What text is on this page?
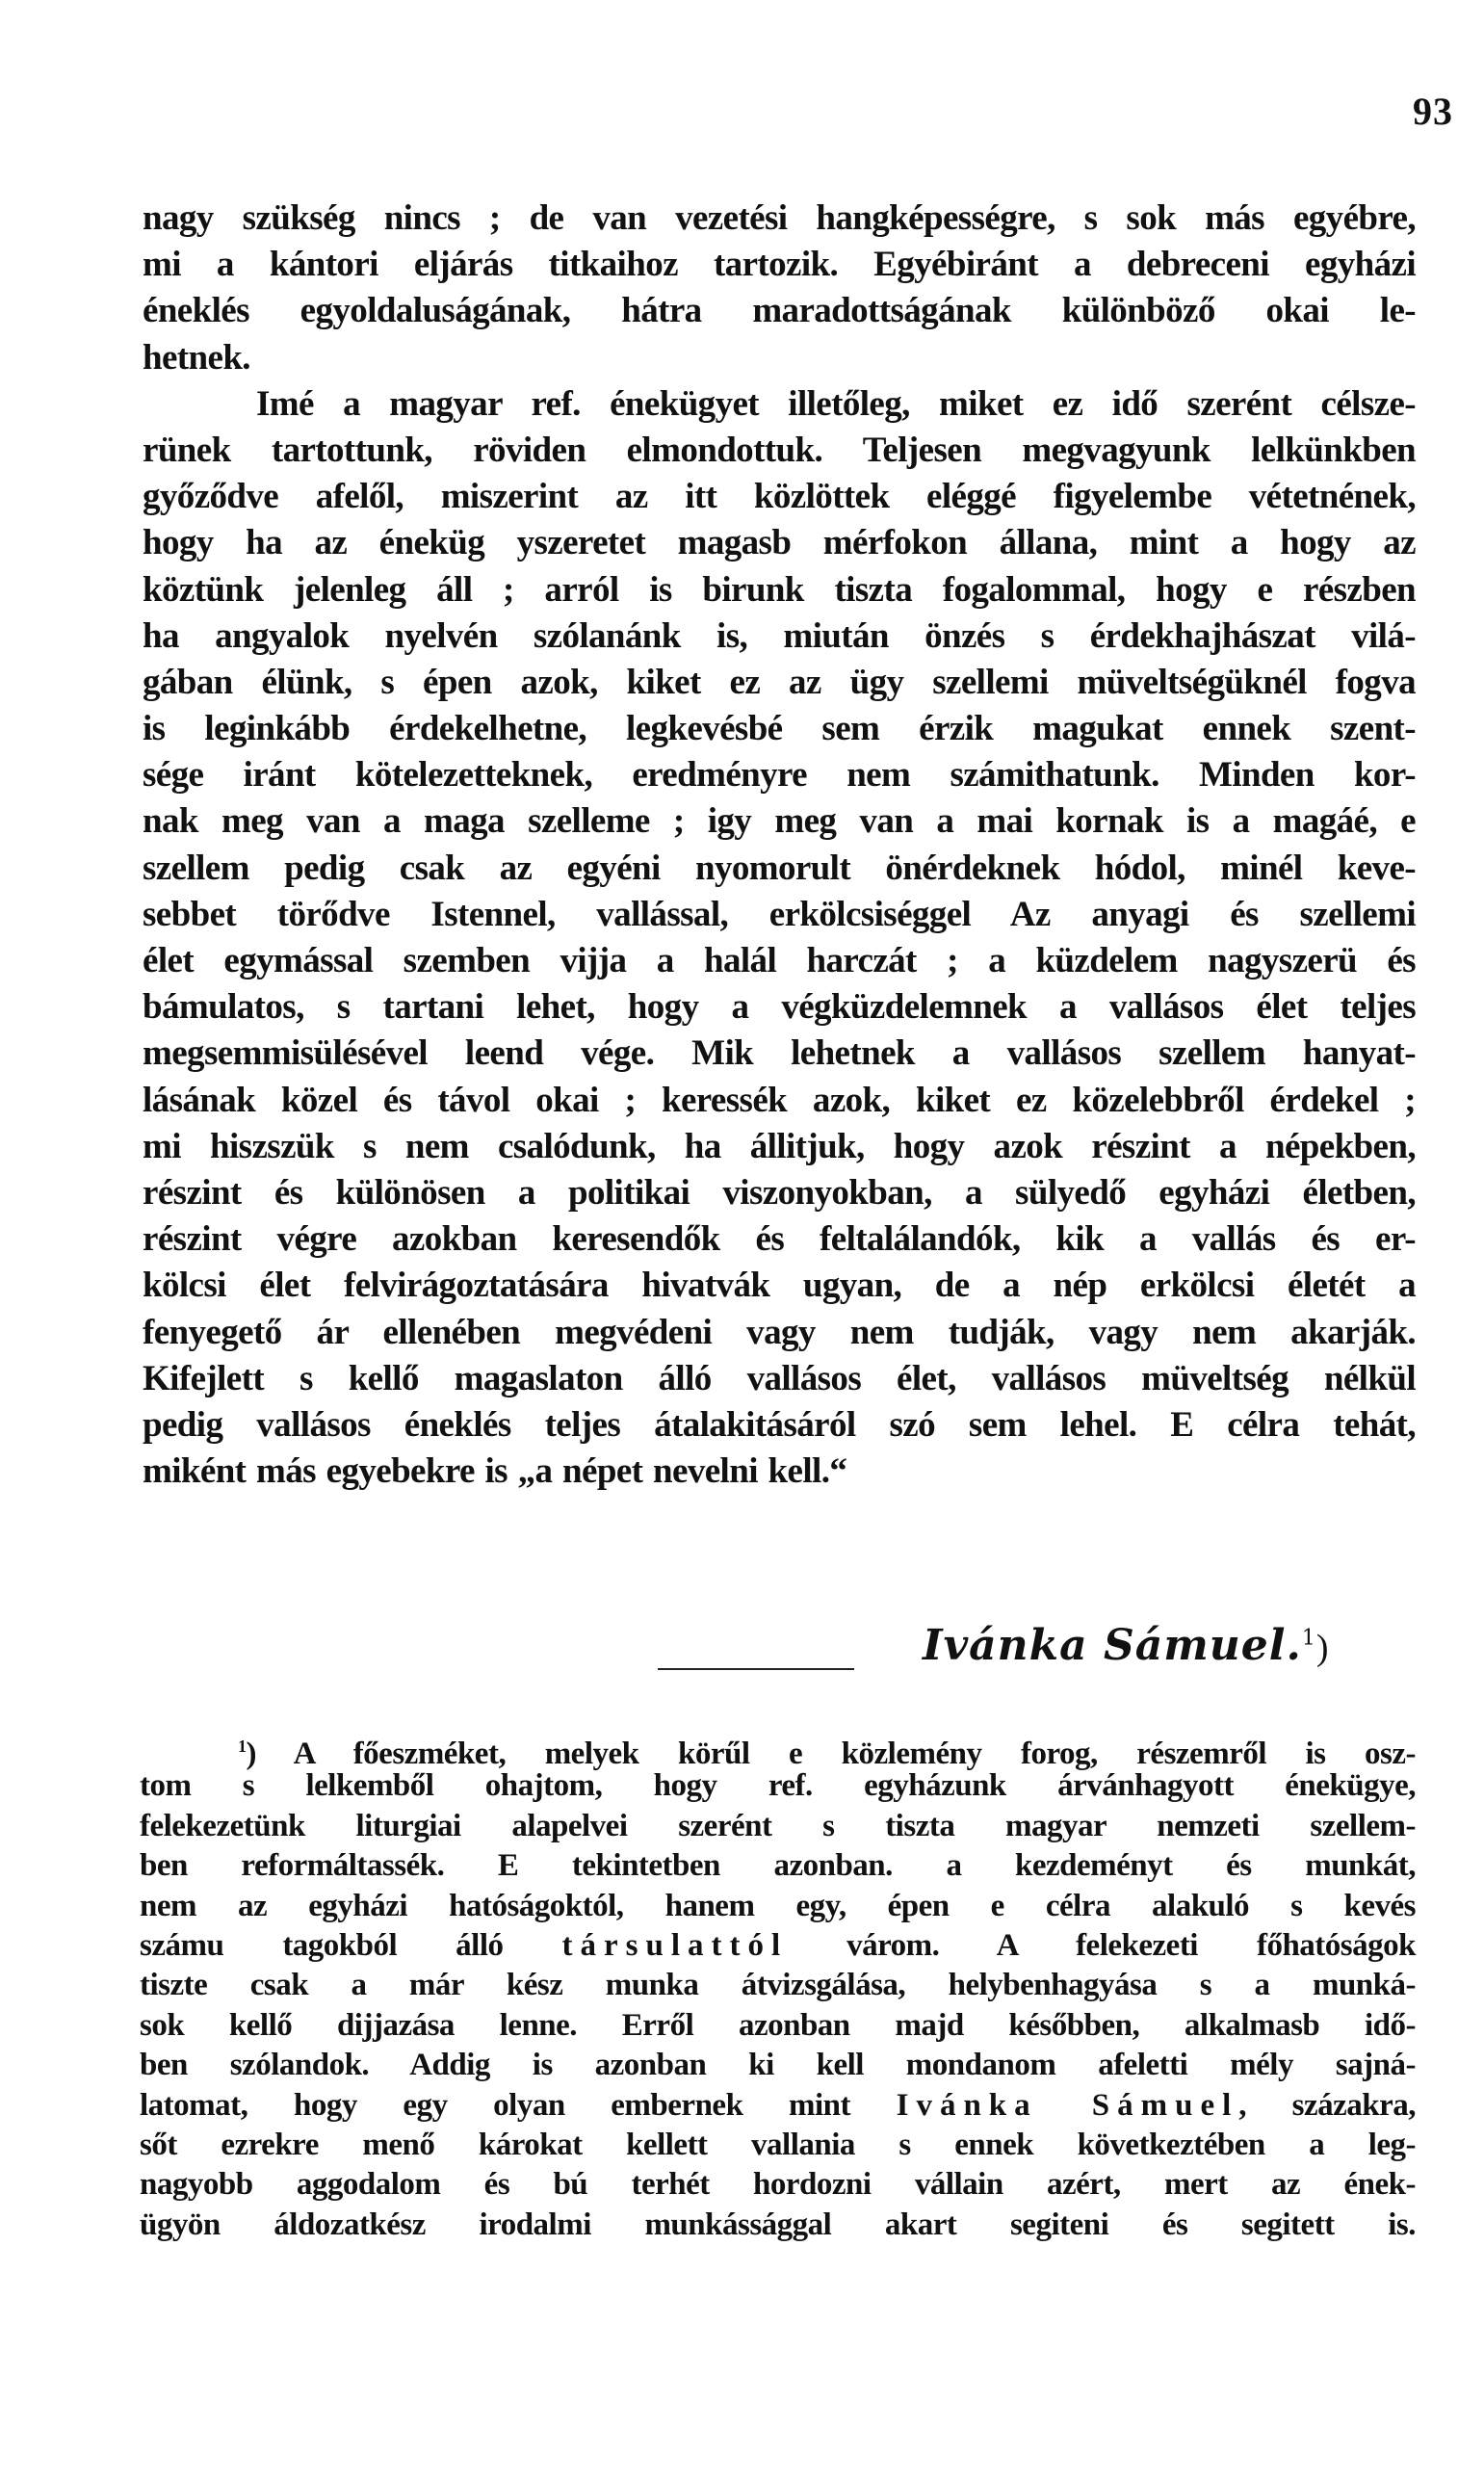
93
nagy szükség nincs ; de van vezetési hangképességre, s sok más egyébre,
mi a kántori eljárás titkaihoz tartozik. Egyébiránt a debreceni egyházi
éneklés egyoldaluságának, hátra maradottságának különböző okai le-
hetnek.
Imé a magyar ref. énekügyet illetőleg, miket ez idő szerént célsze-
rünek tartottunk, röviden elmondottuk. Teljesen megvagyunk lelkünkben
győződve afelől, miszerint az itt közlöttek eléggé figyelembe vétetnének,
hogy ha az éneküg yszeretet magasb mérfokon állana, mint a hogy az
köztünk jelenleg áll ; arról is birunk tiszta fogalommal, hogy e részben
ha angyalok nyelvén szólanánk is, miután önzés s érdekhajhászat vilá-
gában élünk, s épen azok, kiket ez az ügy szellemi müveltségüknél fogva
is leginkább érdekelhetne, legkevésbé sem érzik magukat ennek szent-
sége iránt kötelezetteknek, eredményre nem számithatunk. Minden kor-
nak meg van a maga szelleme ; igy meg van a mai kornak is a magáé, e
szellem pedig csak az egyéni nyomorult önérdeknek hódol, minél keve-
sebbet törődve Istennel, vallással, erkölcsiséggel Az anyagi és szellemi
élet egymással szemben vijja a halál harczát ; a küzdelem nagyszerü és
bámulatos, s tartani lehet, hogy a végküzdelemnek a vallásos élet teljes
megsemmisülésével leend vége. Mik lehetnek a vallásos szellem hanyat-
lásának közel és távol okai ; keressék azok, kiket ez közelebbről érdekel ;
mi hiszszük s nem csalódunk, ha állitjuk, hogy azok részint a népekben,
részint és különösen a politikai viszonyokban, a sülyedő egyházi életben,
részint végre azokban keresendők és feltalálandók, kik a vallás és er-
kölcsi élet felvirágoztatására hivatvák ugyan, de a nép erkölcsi életét a
fenyegető ár ellenében megvédeni vagy nem tudják, vagy nem akarják.
Kifejlett s kellő magaslaton álló vallásos élet, vallásos müveltség nélkül
pedig vallásos éneklés teljes átalakitásáról szó sem lehel. E célra tehát,
miként más egyebekre is „a népet nevelni kell.“
Ivánka Sámuel.$^1$)
$^1$) A főeszméket, melyek körűl e közlemény forog, részemről is osz-
tom s lelkemből ohajtom, hogy ref. egyházunk árvánhagyott énekügye,
felekezetünk liturgiai alapelvei szerént s tiszta magyar nemzeti szellem-
ben reformáltassék. E tekintetben azonban. a kezdeményt és munkát,
nem az egyházi hatóságoktól, hanem egy, épen e célra alakuló s kevés
számu tagokból álló társulattól várom. A felekezeti főhatóságok
tiszte csak a már kész munka átvizsgálása, helybenhagyása s a munká-
sok kellő dijjazása lenne. Erről azonban majd későbben, alkalmasb idő-
ben szólandok. Addig is azonban ki kell mondanom afeletti mély sajná-
latomat, hogy egy olyan embernek mint Ivánka Sámuel, százakra,
sőt ezrekre menő károkat kellett vallania s ennek következtében a leg-
nagyobb aggodalom és bú terhét hordozni vállain azért, mert az ének-
ügyön áldozatkész irodalmi munkássággal akart segiteni és segitett is.
